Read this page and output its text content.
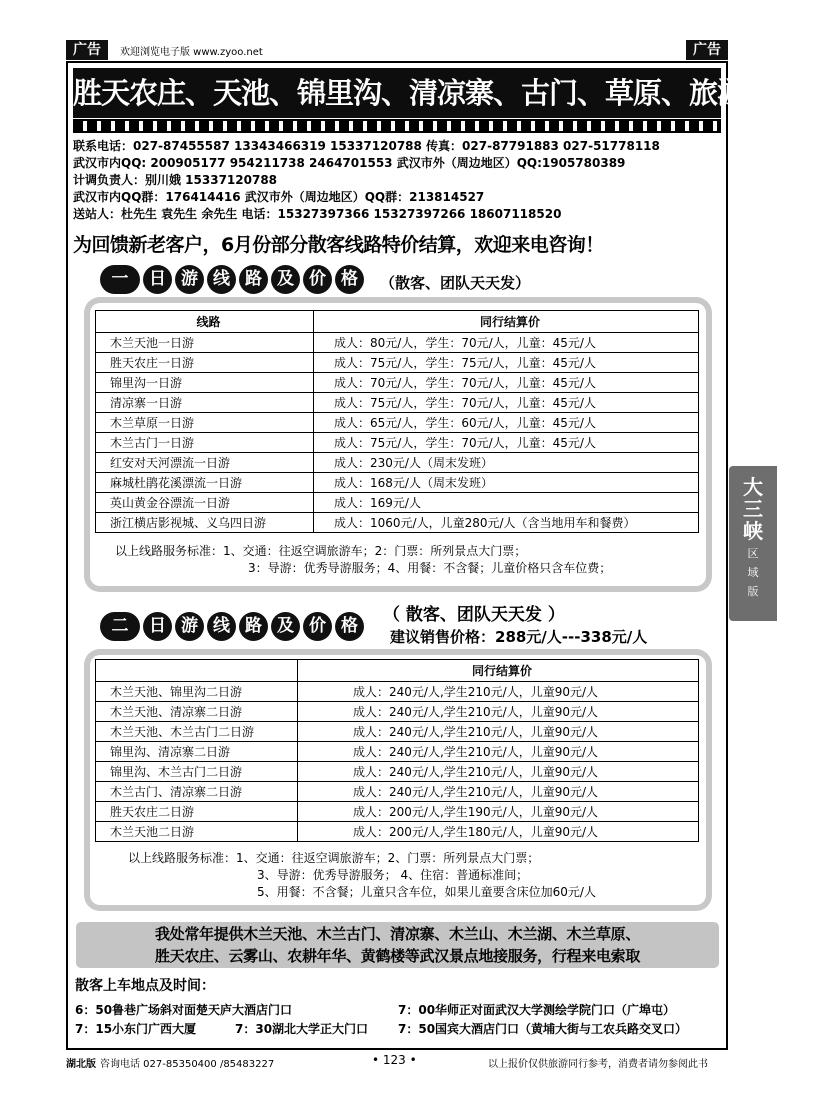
广告	欢迎浏览电子版 www.zyoo.net	广告
胜天农庄、天池、锦里沟、清凉寨、古门、草原、旅游直通车
联系电话：027-87455587 13343466319 15337120788 传真：027-87791883 027-51778118
武汉市内QQ: 200905177 954211738 2464701553 武汉市外（周边地区）QQ:1905780389
计调负责人：别川娥 15337120788
武汉市内QQ群：176414416 武汉市外（周边地区）QQ群：213814527
送站人：杜先生 袁先生 余先生 电话：15327397366 15327397266 18607118520
为回馈新老客户，6月份部分散客线路特价结算，欢迎来电咨询！
一	日 游 线 路 及 价 格	（散客、团队天天发）
线路	同行结算价
木兰天池一日游	成人：80元/人，学生：70元/人，儿童：45元/人
胜天农庄一日游	成人：75元/人，学生：75元/人，儿童：45元/人
锦里沟一日游	成人：70元/人，学生：70元/人，儿童：45元/人
清凉寨一日游	成人：75元/人，学生：70元/人，儿童：45元/人
木兰草原一日游	成人：65元/人，学生：60元/人，儿童：45元/人
木兰古门一日游	成人：75元/人，学生：70元/人，儿童：45元/人
红安对天河漂流一日游	成人：230元/人（周末发班）
麻城杜鹃花溪漂流一日游	成人：168元/人（周末发班）
英山黄金谷漂流一日游	成人：169元/人
浙江横店影视城、义乌四日游	成人：1060元/人，儿童280元/人（含当地用车和餐费）
以上线路服务标准：1、交通：往返空调旅游车；2：门票：所列景点大门票；
3：导游：优秀导游服务；4、用餐：不含餐；儿童价格只含车位费；
二	日 游 线 路 及 价 格
（ 散客、团队天天发 ）
建议销售价格：288元/人---338元/人
	同行结算价
木兰天池、锦里沟二日游	成人：240元/人,学生210元/人，儿童90元/人
木兰天池、清凉寨二日游	成人：240元/人,学生210元/人，儿童90元/人
木兰天池、木兰古门二日游	成人：240元/人,学生210元/人，儿童90元/人
锦里沟、清凉寨二日游	成人：240元/人,学生210元/人，儿童90元/人
锦里沟、木兰古门二日游	成人：240元/人,学生210元/人，儿童90元/人
木兰古门、清凉寨二日游	成人：240元/人,学生210元/人，儿童90元/人
胜天农庄二日游	成人：200元/人,学生190元/人，儿童90元/人
木兰天池二日游	成人：200元/人,学生180元/人，儿童90元/人
以上线路服务标准：1、交通：往返空调旅游车；2、门票：所列景点大门票；
3、导游：优秀导游服务； 4、住宿：普通标准间；
5、用餐：不含餐；儿童只含车位，如果儿童要含床位加60元/人
我处常年提供木兰天池、木兰古门、清凉寨、木兰山、木兰湖、木兰草原、
胜天农庄、云雾山、农耕年华、黄鹤楼等武汉景点地接服务，行程来电索取
散客上车地点及时间：
6：50鲁巷广场斜对面楚天庐大酒店门口	7：00华师正对面武汉大学测绘学院门口（广埠屯）
7：15小东门广西大厦	7：30湖北大学正大门口 7：50国宾大酒店门口（黄埔大街与工农兵路交叉口）
湖北版 咨询电话 027-85350400 /85483227	• 123 •	以上报价仅供旅游同行参考，消费者请勿参阅此书
大
三
峡
区
域
版
